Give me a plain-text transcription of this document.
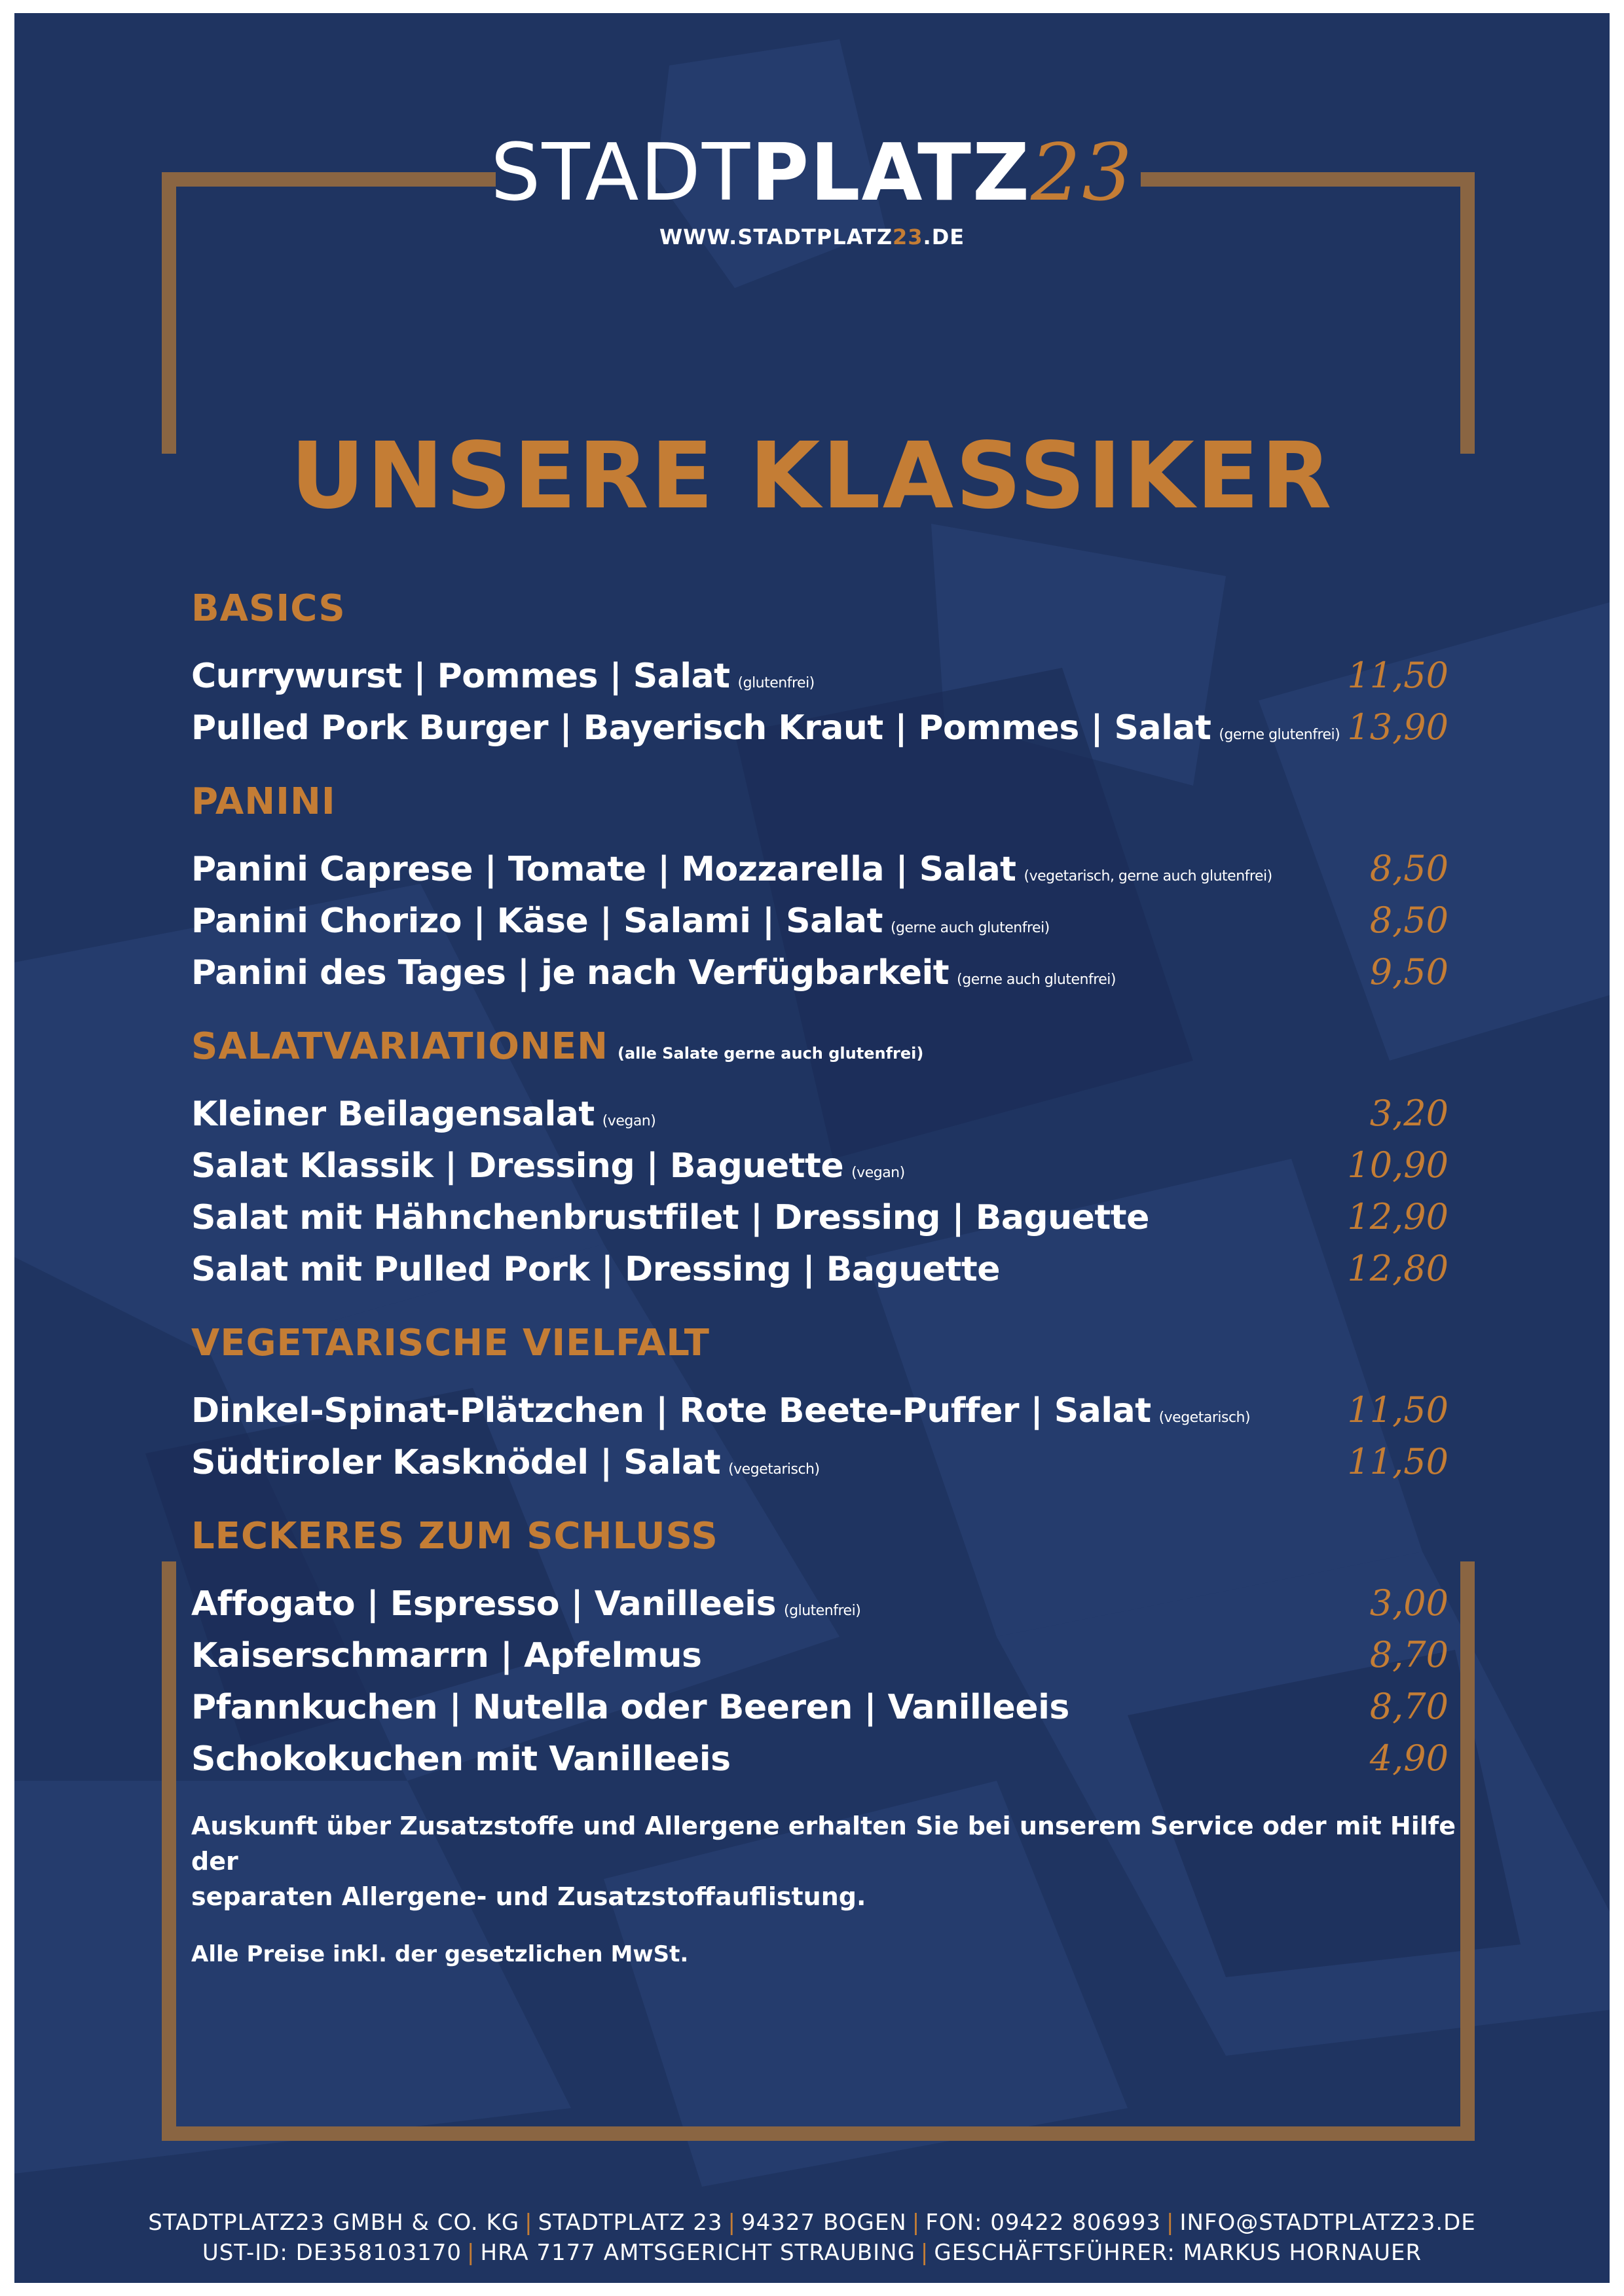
STADTPLATZ23
WWW.STADTPLATZ23.DE
UNSERE KLASSIKER
BASICS
Currywurst | Pommes | Salat (glutenfrei)	11,50
Pulled Pork Burger | Bayerisch Kraut | Pommes | Salat (gerne glutenfrei) 13,90
PANINI
Panini Caprese | Tomate | Mozzarella | Salat (vegetarisch, gerne auch glutenfrei)	8,50
Panini Chorizo | Käse | Salami | Salat (gerne auch glutenfrei)	8,50
Panini des Tages | je nach Verfügbarkeit (gerne auch glutenfrei)	9,50
SALATVARIATIONEN (alle Salate gerne auch glutenfrei)
Kleiner Beilagensalat (vegan)	3,20
Salat Klassik | Dressing | Baguette (vegan)	10,90
Salat mit Hähnchenbrustfilet | Dressing | Baguette	12,90
Salat mit Pulled Pork | Dressing | Baguette	12,80
VEGETARISCHE VIELFALT
Dinkel-Spinat-Plätzchen | Rote Beete-Puffer | Salat (vegetarisch)	11,50
Südtiroler Kasknödel | Salat (vegetarisch)	11,50
LECKERES ZUM SCHLUSS
Affogato | Espresso | Vanilleeis (glutenfrei)	3,00
Kaiserschmarrn | Apfelmus	8,70
Pfannkuchen | Nutella oder Beeren | Vanilleeis	8,70
Schokokuchen mit Vanilleeis	4,90
Auskunft über Zusatzstoffe und Allergene erhalten Sie bei unserem Service oder mit Hilfe der
separaten Allergene- und Zusatzstoffauflistung.
Alle Preise inkl. der gesetzlichen MwSt.
STADTPLATZ23 GMBH & CO. KG | STADTPLATZ 23 | 94327 BOGEN | FON: 09422 806993 | INFO@STADTPLATZ23.DE
UST-ID: DE358103170 | HRA 7177 AMTSGERICHT STRAUBING | GESCHÄFTSFÜHRER: MARKUS HORNAUER
